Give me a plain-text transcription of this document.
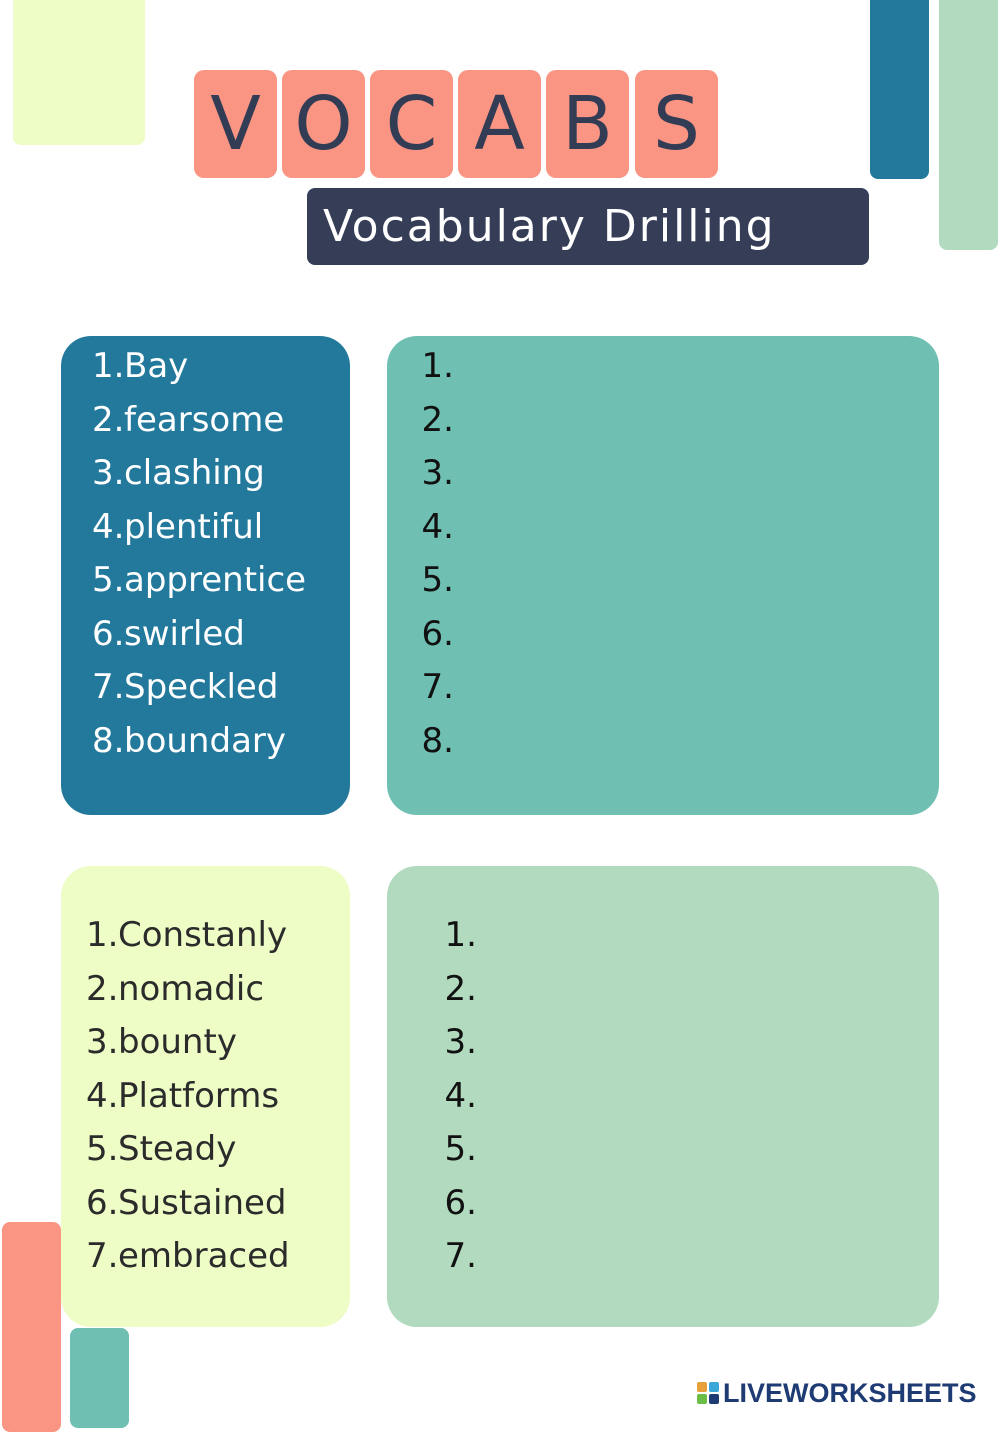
V O C A B S
Vocabulary Drilling
1.Bay
2.fearsome
3.clashing
4.plentiful
5.apprentice
6.swirled
7.Speckled
8.boundary
1.
2.
3.
4.
5.
6.
7.
8.
1.Constanly
2.nomadic
3.bounty
4.Platforms
5.Steady
6.Sustained
7.embraced
1.
2.
3.
4.
5.
6.
7.
LIVEWORKSHEETS
